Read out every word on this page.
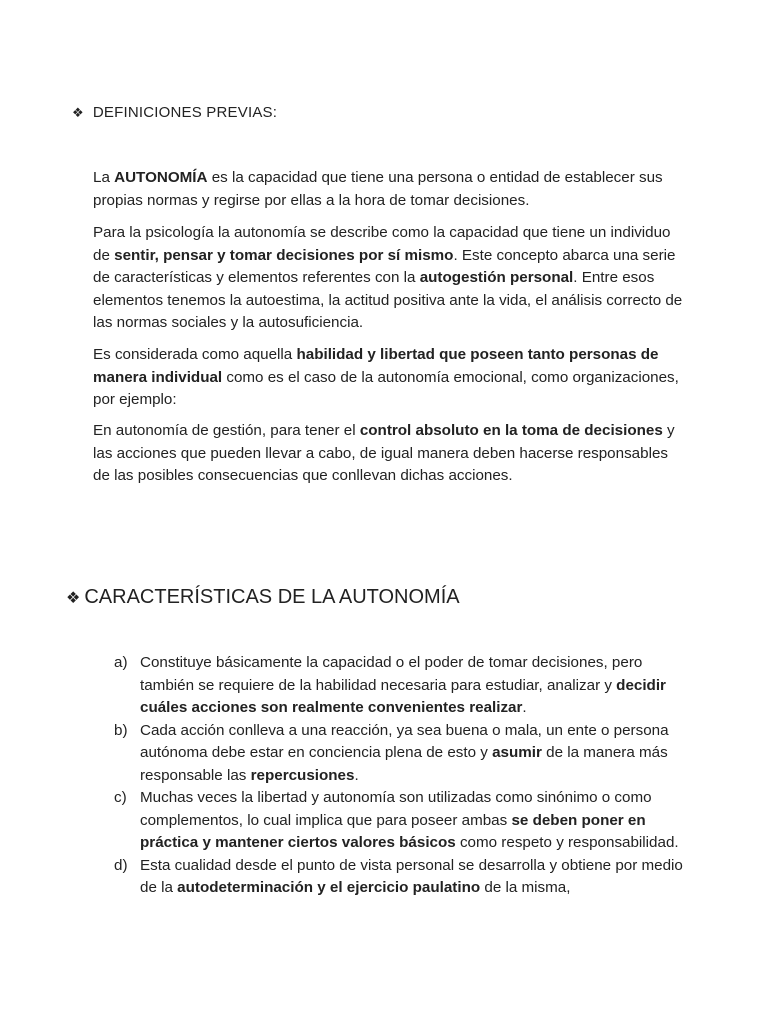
❖ DEFINICIONES PREVIAS:

La AUTONOMÍA es la capacidad que tiene una persona o entidad de establecer sus propias normas y regirse por ellas a la hora de tomar decisiones.

Para la psicología la autonomía se describe como la capacidad que tiene un individuo de sentir, pensar y tomar decisiones por sí mismo. Este concepto abarca una serie de características y elementos referentes con la autogestión personal. Entre esos elementos tenemos la autoestima, la actitud positiva ante la vida, el análisis correcto de las normas sociales y la autosuficiencia.

Es considerada como aquella habilidad y libertad que poseen tanto personas de manera individual como es el caso de la autonomía emocional, como organizaciones, por ejemplo:

En autonomía de gestión, para tener el control absoluto en la toma de decisiones y las acciones que pueden llevar a cabo, de igual manera deben hacerse responsables de las posibles consecuencias que conllevan dichas acciones.

❖ CARACTERÍSTICAS DE LA AUTONOMÍA
a) Constituye básicamente la capacidad o el poder de tomar decisiones, pero también se requiere de la habilidad necesaria para estudiar, analizar y decidir cuáles acciones son realmente convenientes realizar.
b) Cada acción conlleva a una reacción, ya sea buena o mala, un ente o persona autónoma debe estar en conciencia plena de esto y asumir de la manera más responsable las repercusiones.
c) Muchas veces la libertad y autonomía son utilizadas como sinónimo o como complementos, lo cual implica que para poseer ambas se deben poner en práctica y mantener ciertos valores básicos como respeto y responsabilidad.
d) Esta cualidad desde el punto de vista personal se desarrolla y obtiene por medio de la autodeterminación y el ejercicio paulatino de la misma,
